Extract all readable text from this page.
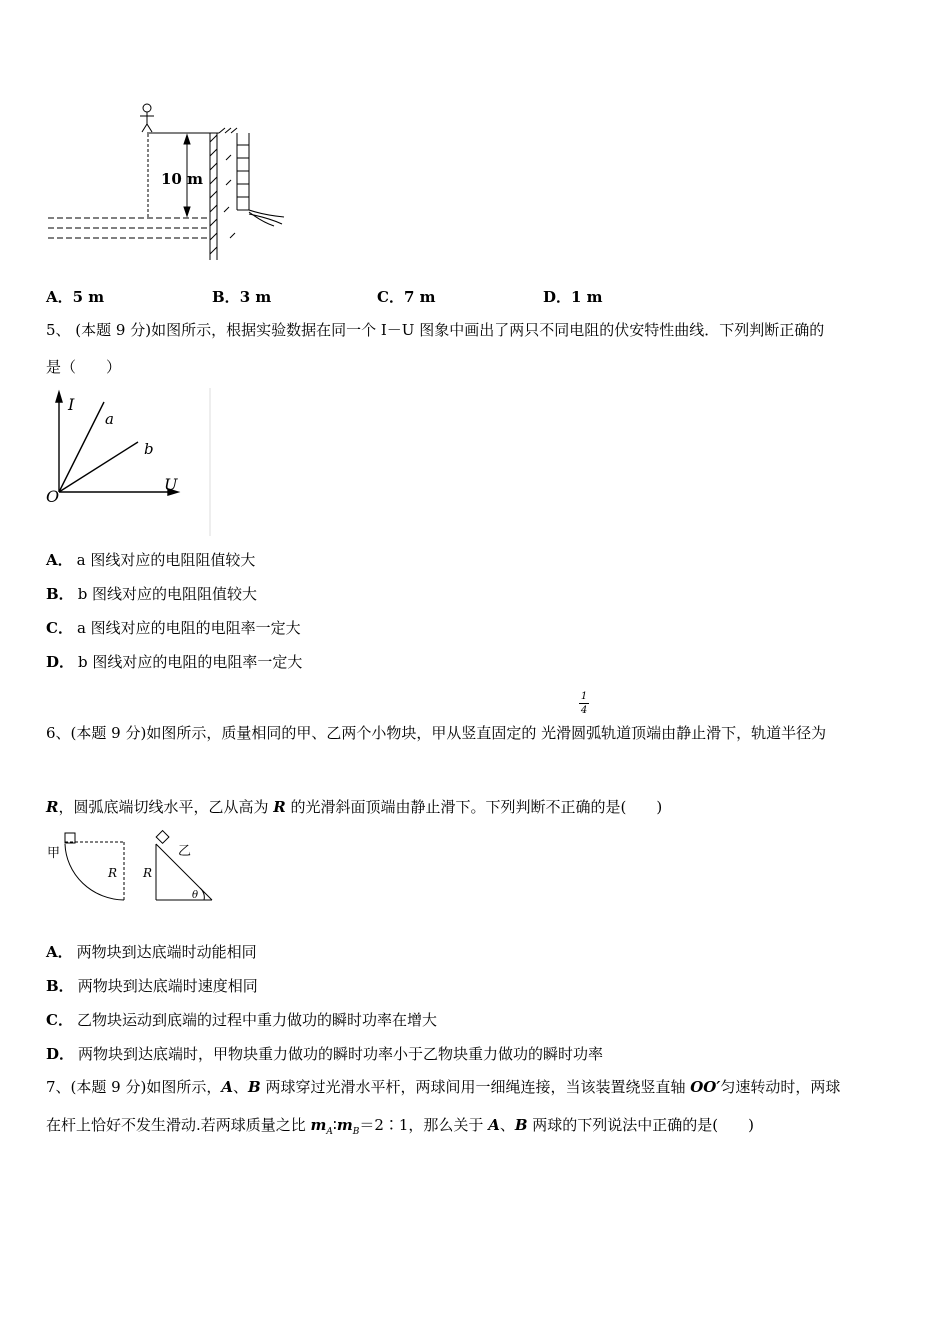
10 m
A．5 m	B．3 m	C．7 m	D．1 m
5、 (本题 9 分)如图所示，根据实验数据在同一个 I－U 图象中画出了两只不同电阻的伏安特性曲线．下列判断正确的
是（　　）
I
U
O
a
b
A． a 图线对应的电阻阻值较大
B． b 图线对应的电阻阻值较大
C． a 图线对应的电阻的电阻率一定大
D． b 图线对应的电阻的电阻率一定大
1
4
6、(本题 9 分)如图所示，质量相同的甲、乙两个小物块，甲从竖直固定的 光滑圆弧轨道顶端由静止滑下，轨道半径为
R，圆弧底端切线水平，乙从高为 R 的光滑斜面顶端由静止滑下。下列判断不正确的是(　　)
甲	乙
R R
θ
A． 两物块到达底端时动能相同
B． 两物块到达底端时速度相同
C． 乙物块运动到底端的过程中重力做功的瞬时功率在增大
D． 两物块到达底端时，甲物块重力做功的瞬时功率小于乙物块重力做功的瞬时功率
7、(本题 9 分)如图所示，A、B 两球穿过光滑水平杆，两球间用一细绳连接，当该装置绕竖直轴 OO′匀速转动时，两球
在杆上恰好不发生滑动.若两球质量之比 $m_A∶m_B=2∶1$，那么关于 A、B 两球的下列说法中正确的是(　　)
